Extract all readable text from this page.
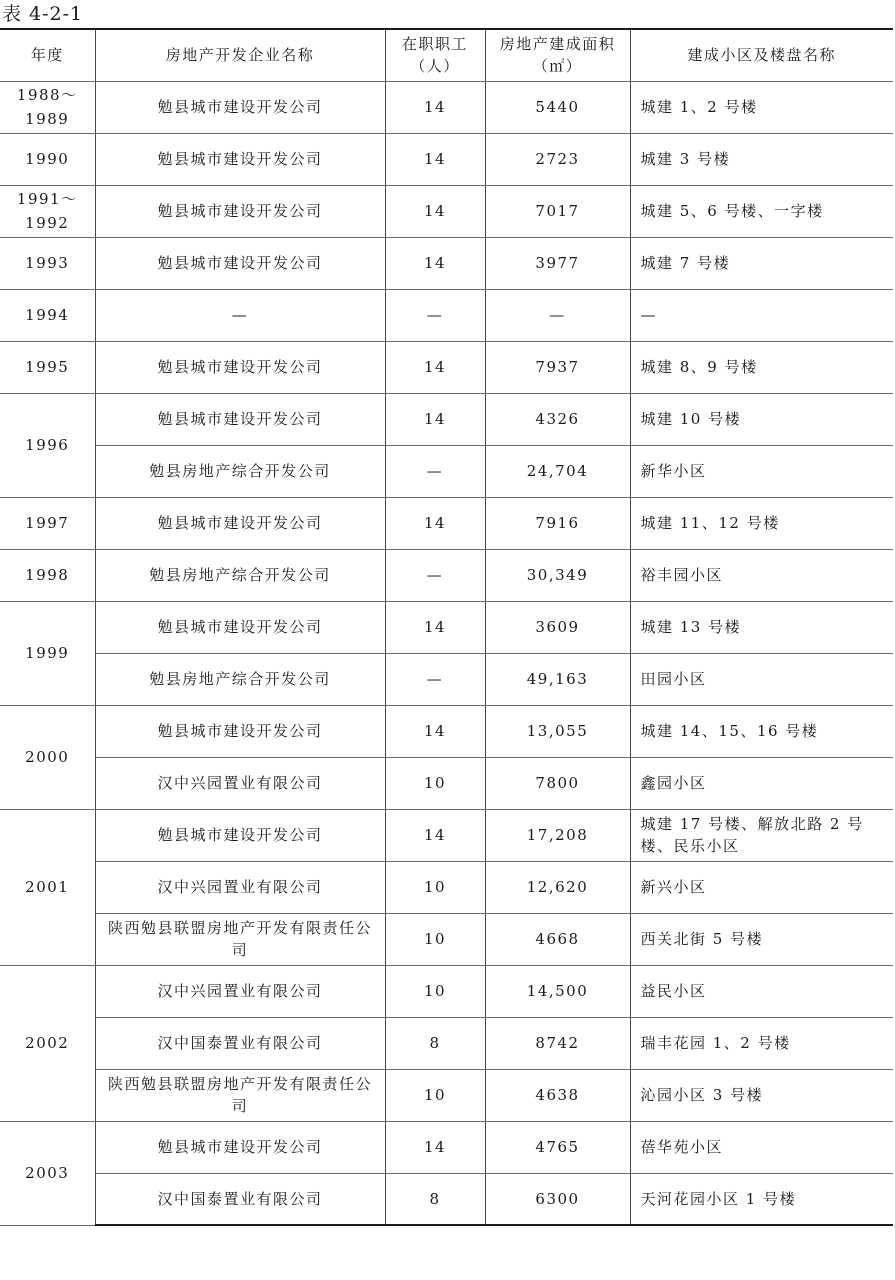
表 4-2-1
年度	房地产开发企业名称	在职职工（人）	房地产建成面积（㎡）	建成小区及楼盘名称
1988～1989	勉县城市建设开发公司	14	5440	城建 1、2 号楼
1990	勉县城市建设开发公司	14	2723	城建 3 号楼
1991～1992	勉县城市建设开发公司	14	7017	城建 5、6 号楼、一字楼
1993	勉县城市建设开发公司	14	3977	城建 7 号楼
1994	—	—	—	—
1995	勉县城市建设开发公司	14	7937	城建 8、9 号楼
1996	勉县城市建设开发公司	14	4326	城建 10 号楼
	勉县房地产综合开发公司	—	24,704	新华小区
1997	勉县城市建设开发公司	14	7916	城建 11、12 号楼
1998	勉县房地产综合开发公司	—	30,349	裕丰园小区
1999	勉县城市建设开发公司	14	3609	城建 13 号楼
	勉县房地产综合开发公司	—	49,163	田园小区
2000	勉县城市建设开发公司	14	13,055	城建 14、15、16 号楼
	汉中兴园置业有限公司	10	7800	鑫园小区
2001	勉县城市建设开发公司	14	17,208	城建 17 号楼、解放北路 2 号楼、民乐小区
	汉中兴园置业有限公司	10	12,620	新兴小区
	陕西勉县联盟房地产开发有限责任公司	10	4668	西关北街 5 号楼
2002	汉中兴园置业有限公司	10	14,500	益民小区
	汉中国泰置业有限公司	8	8742	瑞丰花园 1、2 号楼
	陕西勉县联盟房地产开发有限责任公司	10	4638	沁园小区 3 号楼
2003	勉县城市建设开发公司	14	4765	蓓华苑小区
	汉中国泰置业有限公司	8	6300	天河花园小区 1 号楼
